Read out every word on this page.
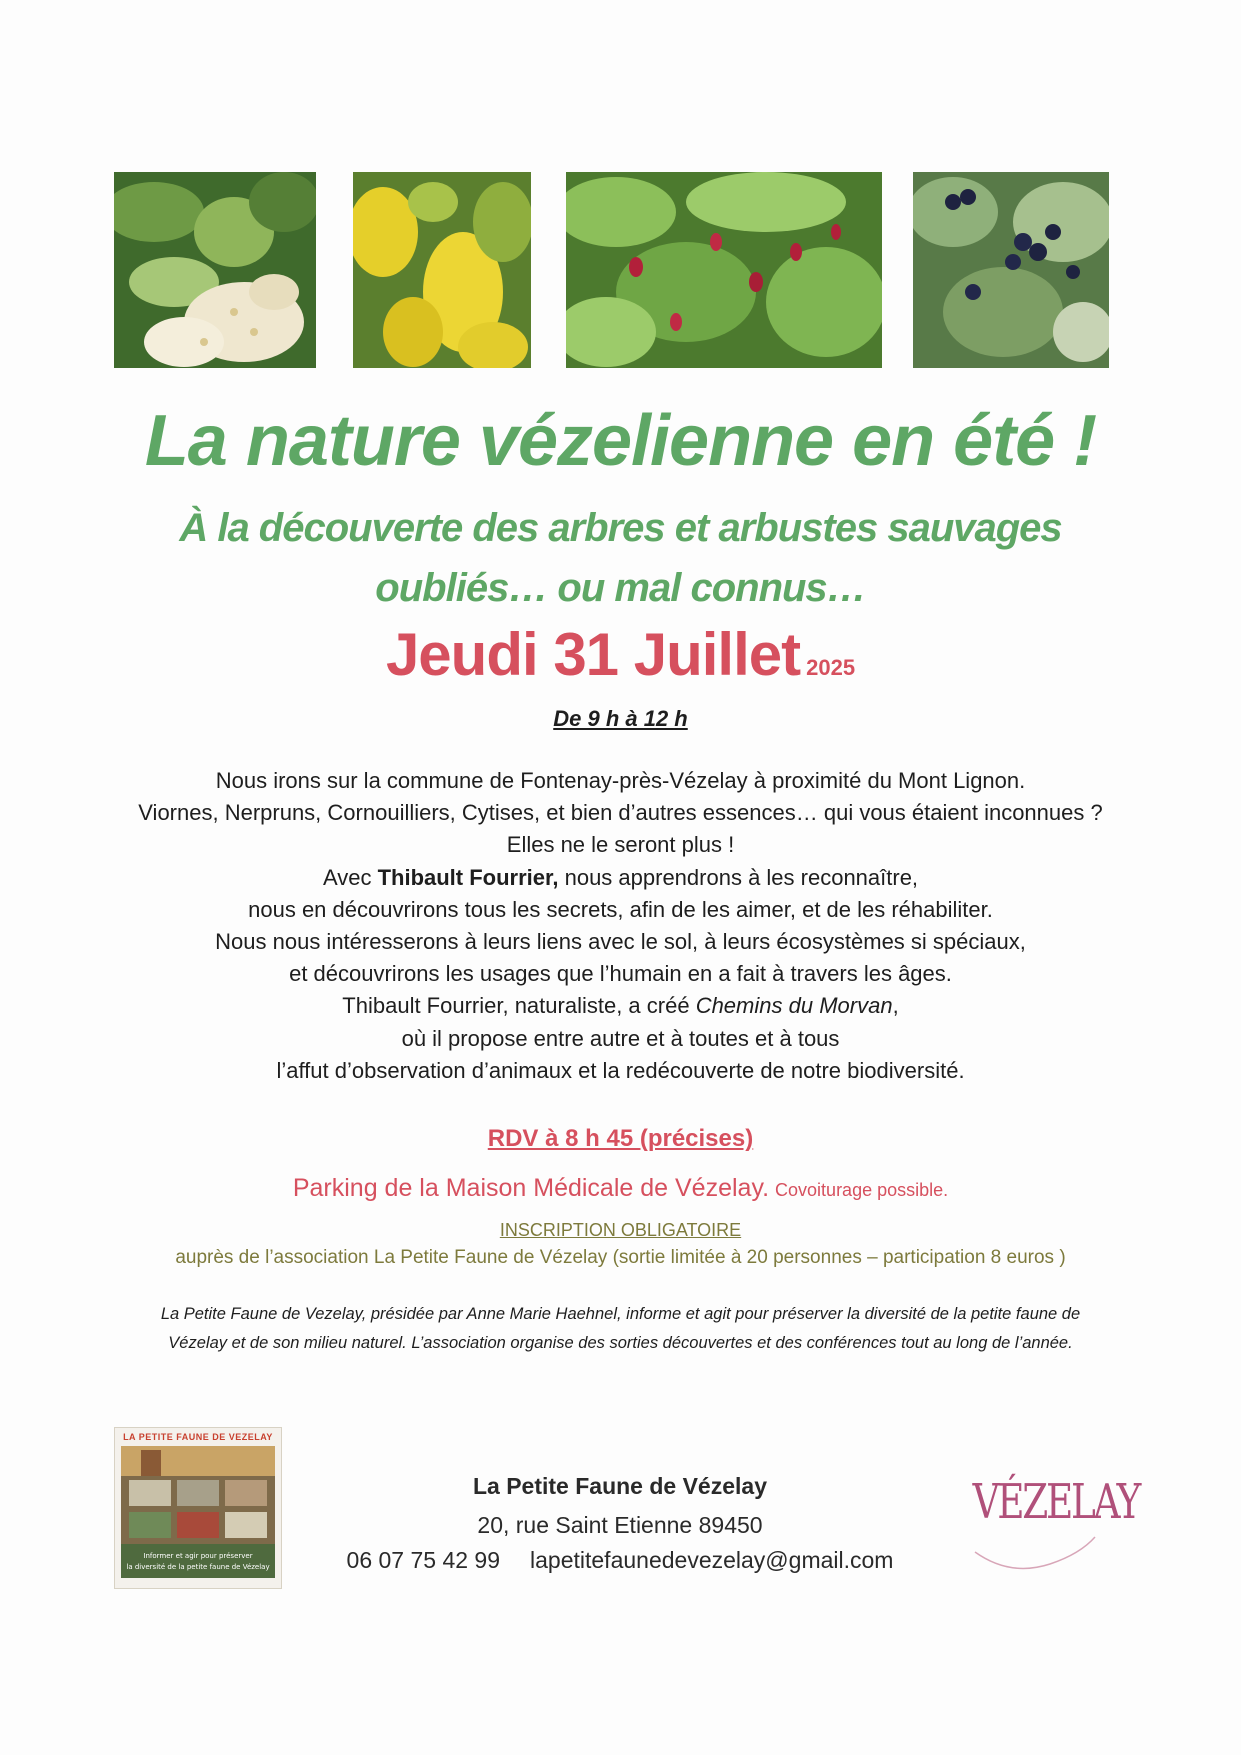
La nature vézelienne en été !
À la découverte des arbres et arbustes sauvages
oubliés… ou mal connus…
Jeudi 31 Juillet 2025
De 9 h à 12 h

Nous irons sur la commune de Fontenay-près-Vézelay à proximité du Mont Lignon.

Viornes, Nerpruns, Cornouilliers, Cytises, et bien d’autres essences… qui vous étaient inconnues ?

Elles ne le seront plus !

Avec Thibault Fourrier, nous apprendrons à les reconnaître,

nous en découvrirons tous les secrets, afin de les aimer, et de les réhabiliter.

Nous nous intéresserons à leurs liens avec le sol, à leurs écosystèmes si spéciaux,

et découvrirons les usages que l’humain en a fait à travers les âges.

Thibault Fourrier, naturaliste, a créé Chemins du Morvan,

où il propose entre autre et à toutes et à tous

l’affut d’observation d’animaux et la redécouverte de notre biodiversité.

RDV à 8 h 45 (précises)
Parking de la Maison Médicale de Vézelay. Covoiturage possible.
INSCRIPTION OBLIGATOIRE
auprès de l’association La Petite Faune de Vézelay (sortie limitée à 20 personnes – participation 8 euros )

La Petite Faune de Vezelay, présidée par Anne Marie Haehnel, informe et agit pour préserver la diversité de la petite faune de

Vézelay et de son milieu naturel. L’association organise des sorties découvertes et des conférences tout au long de l’année.

LA PETITE FAUNE DE VEZELAY
Informer et agir pour préserver
la diversité de la petite faune de Vézelay
La Petite Faune de Vézelay
20, rue Saint Etienne 89450
06 07 75 42 99 lapetitefaunedevezelay@gmail.com
VÉZELAY
